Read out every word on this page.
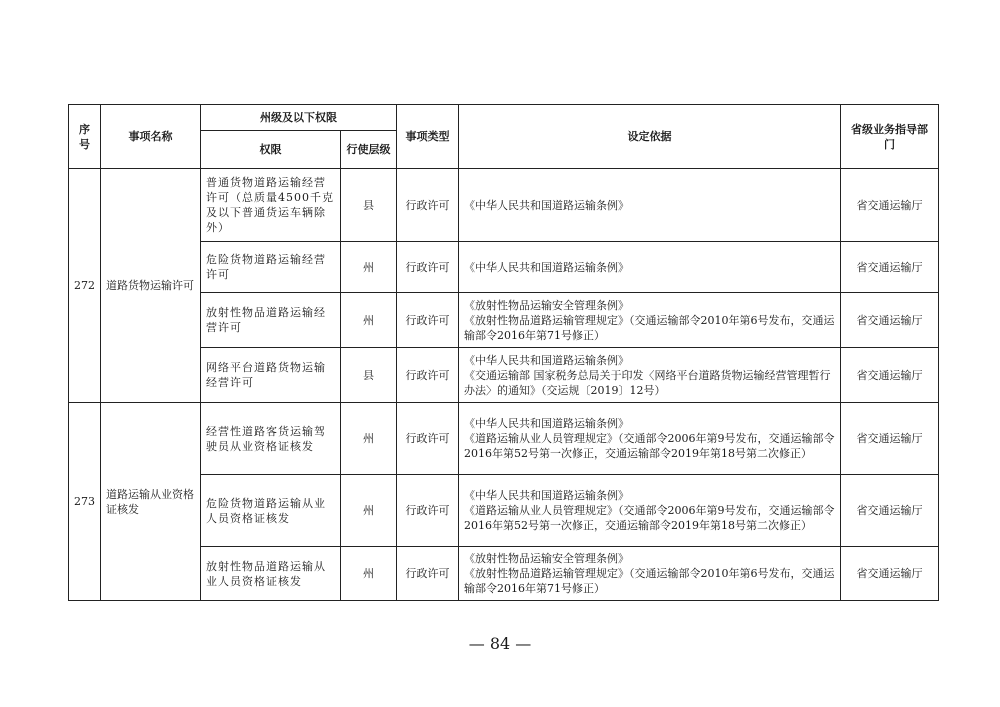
序号	事项名称	州级及以下权限		事项类型	设定依据	省级业务指导部门
		权限	行使层级			
272	道路货物运输许可	普通货物道路运输经营许可（总质量4500千克及以下普通货运车辆除外）	县	行政许可	《中华人民共和国道路运输条例》	省交通运输厅
		危险货物道路运输经营许可	州	行政许可	《中华人民共和国道路运输条例》	省交通运输厅
		放射性物品道路运输经营许可	州	行政许可	《放射性物品运输安全管理条例》
《放射性物品道路运输管理规定》（交通运输部令2010年第6号发布，交通运输部令2016年第71号修正）	省交通运输厅
		网络平台道路货物运输经营许可	县	行政许可	《中华人民共和国道路运输条例》
《交通运输部 国家税务总局关于印发〈网络平台道路货物运输经营管理暂行办法〉的通知》（交运规〔2019〕12号）	省交通运输厅
273	道路运输从业资格证核发	经营性道路客货运输驾驶员从业资格证核发	州	行政许可	《中华人民共和国道路运输条例》
《道路运输从业人员管理规定》（交通部令2006年第9号发布，交通运输部令2016年第52号第一次修正，交通运输部令2019年第18号第二次修正）	省交通运输厅
		危险货物道路运输从业人员资格证核发	州	行政许可	《中华人民共和国道路运输条例》
《道路运输从业人员管理规定》（交通部令2006年第9号发布，交通运输部令2016年第52号第一次修正，交通运输部令2019年第18号第二次修正）	省交通运输厅
		放射性物品道路运输从业人员资格证核发	州	行政许可	《放射性物品运输安全管理条例》
《放射性物品道路运输管理规定》（交通运输部令2010年第6号发布，交通运输部令2016年第71号修正）	省交通运输厅
— 84 —
